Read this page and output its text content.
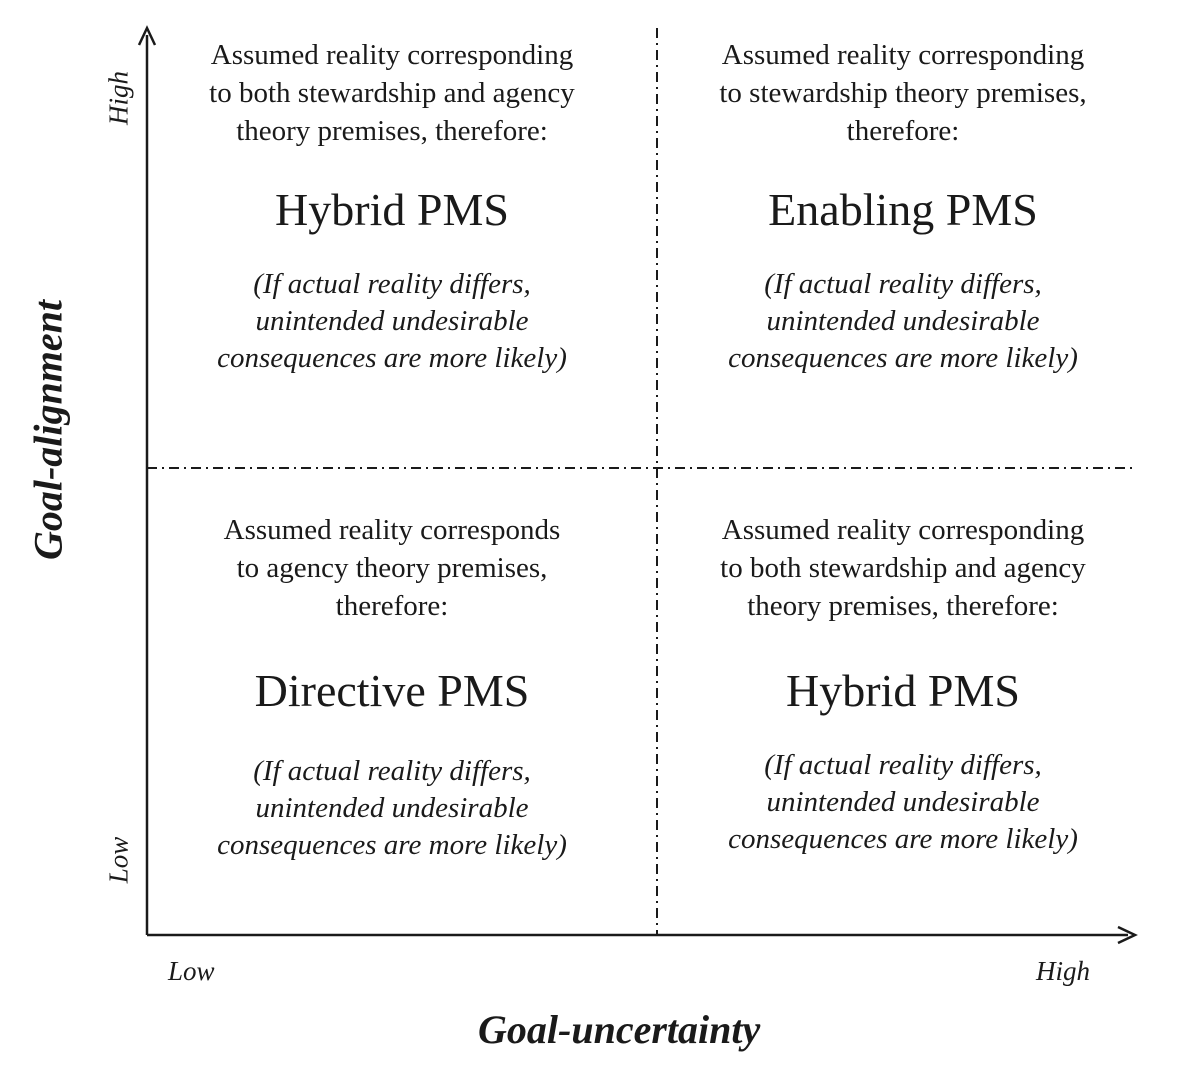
Goal-alignment
High
Low
Low	High
Goal-uncertainty
Assumed reality corresponding
to both stewardship and agency
theory premises, therefore:
Hybrid PMS
(If actual reality differs,
unintended undesirable
consequences are more likely)
Assumed reality corresponding
to stewardship theory premises,
therefore:
Enabling PMS
(If actual reality differs,
unintended undesirable
consequences are more likely)
Assumed reality corresponds
to agency theory premises,
therefore:
Directive PMS
(If actual reality differs,
unintended undesirable
consequences are more likely)
Assumed reality corresponding
to both stewardship and agency
theory premises, therefore:
Hybrid PMS
(If actual reality differs,
unintended undesirable
consequences are more likely)
